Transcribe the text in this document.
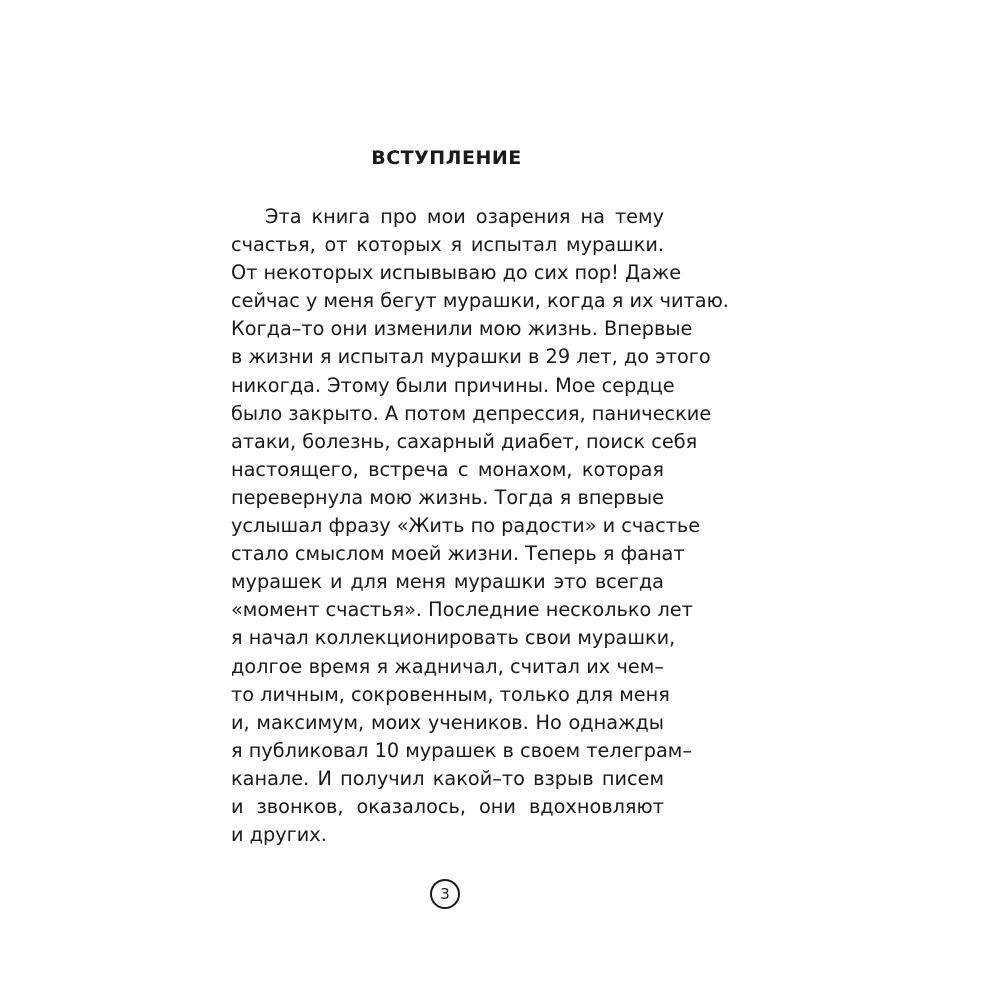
ВСТУПЛЕНИЕ
Эта книга про мои озарения на тему
счастья, от которых я испытал мурашки.
От некоторых испывываю до сих пор! Даже
сейчас у меня бегут мурашки, когда я их читаю.
Когда–то они изменили мою жизнь. Впервые
в жизни я испытал мурашки в 29 лет, до этого
никогда. Этому были причины. Мое сердце
было закрыто. А потом депрессия, панические
атаки, болезнь, сахарный диабет, поиск себя
настоящего, встреча с монахом, которая
перевернула мою жизнь. Тогда я впервые
услышал фразу «Жить по радости» и счастье
стало смыслом моей жизни. Теперь я фанат
мурашек и для меня мурашки это всегда
«момент счастья». Последние несколько лет
я начал коллекционировать свои мурашки,
долгое время я жадничал, считал их чем–
то личным, сокровенным, только для меня
и, максимум, моих учеников. Но однажды
я публиковал 10 мурашек в своем телеграм–
канале. И получил какой–то взрыв писем
и звонков, оказалось, они вдохновляют
и других.
3
